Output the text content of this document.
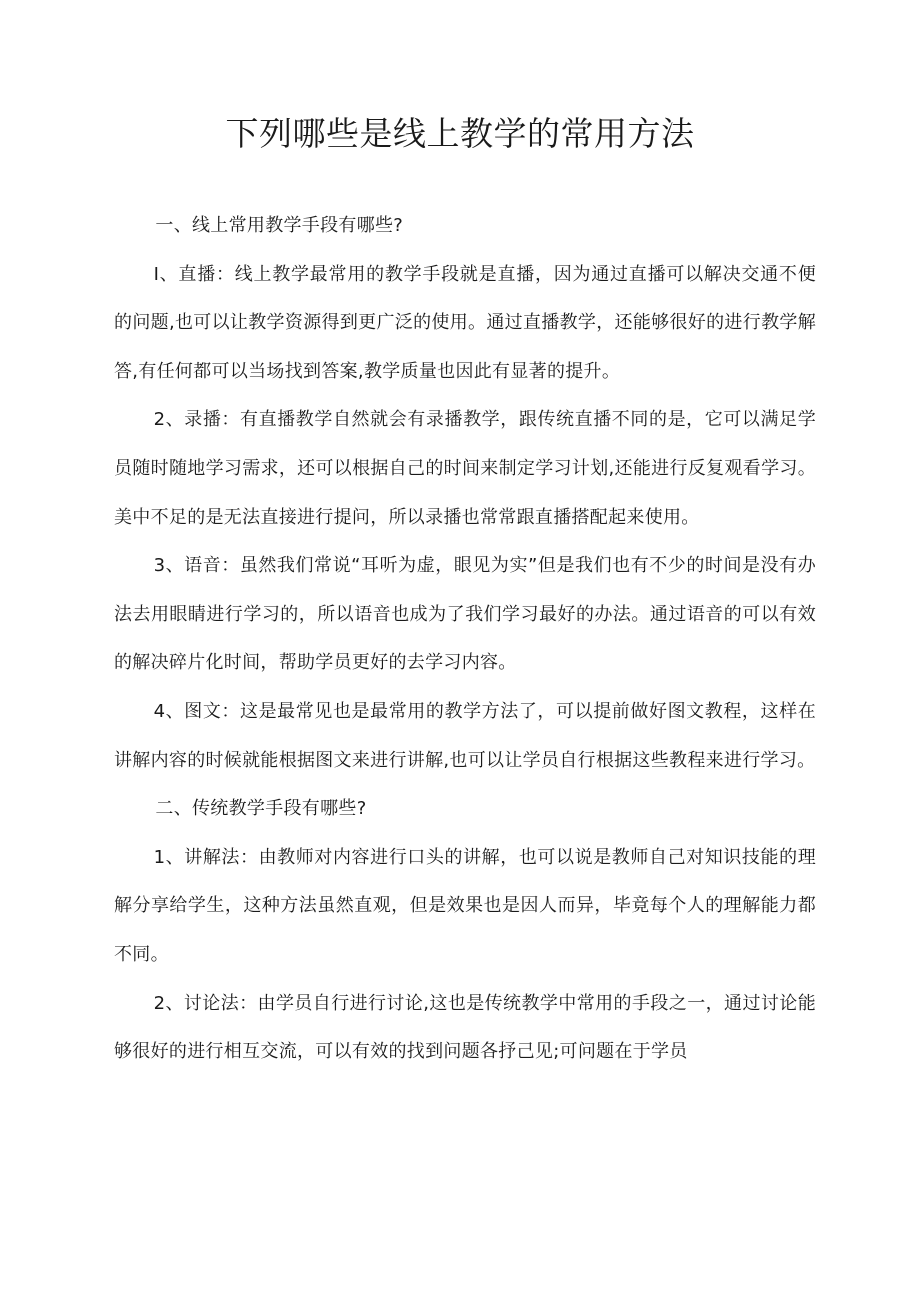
下列哪些是线上教学的常用方法

一、线上常用教学手段有哪些?

I、直播：线上教学最常用的教学手段就是直播，因为通过直播可以解决交通不便的问题,也可以让教学资源得到更广泛的使用。通过直播教学，还能够很好的进行教学解答,有任何都可以当场找到答案,教学质量也因此有显著的提升。

2、录播：有直播教学自然就会有录播教学，跟传统直播不同的是，它可以满足学员随时随地学习需求，还可以根据自己的时间来制定学习计划,还能进行反复观看学习。美中不足的是无法直接进行提问，所以录播也常常跟直播搭配起来使用。

3、语音：虽然我们常说“耳听为虚，眼见为实”但是我们也有不少的时间是没有办法去用眼睛进行学习的，所以语音也成为了我们学习最好的办法。通过语音的可以有效的解决碎片化时间，帮助学员更好的去学习内容。

4、图文：这是最常见也是最常用的教学方法了，可以提前做好图文教程，这样在讲解内容的时候就能根据图文来进行讲解,也可以让学员自行根据这些教程来进行学习。

二、传统教学手段有哪些?

1、讲解法：由教师对内容进行口头的讲解，也可以说是教师自己对知识技能的理解分享给学生，这种方法虽然直观，但是效果也是因人而异，毕竟每个人的理解能力都不同。

2、讨论法：由学员自行进行讨论,这也是传统教学中常用的手段之一，通过讨论能够很好的进行相互交流，可以有效的找到问题各抒己见;可问题在于学员
